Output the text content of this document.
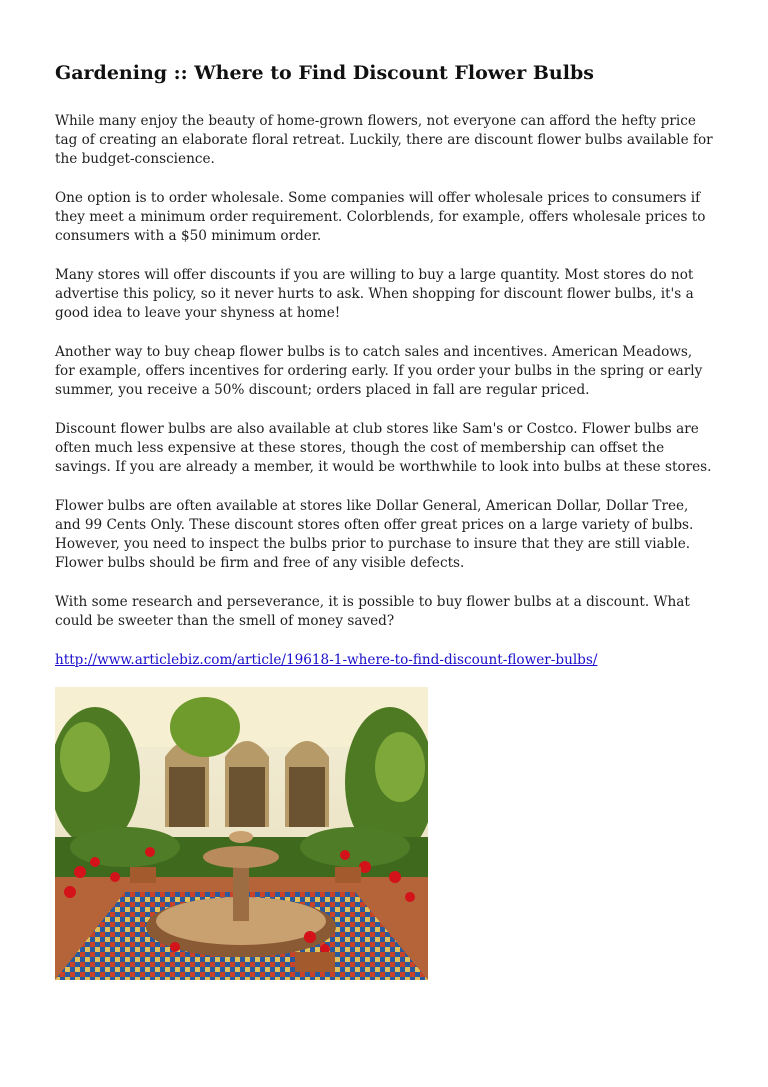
Gardening :: Where to Find Discount Flower Bulbs

While many enjoy the beauty of home-grown flowers, not everyone can afford the hefty price tag of creating an elaborate floral retreat. Luckily, there are discount flower bulbs available for the budget-conscience.

One option is to order wholesale. Some companies will offer wholesale prices to consumers if they meet a minimum order requirement. Colorblends, for example, offers wholesale prices to consumers with a $50 minimum order.

Many stores will offer discounts if you are willing to buy a large quantity. Most stores do not advertise this policy, so it never hurts to ask. When shopping for discount flower bulbs, it's a good idea to leave your shyness at home!

Another way to buy cheap flower bulbs is to catch sales and incentives. American Meadows, for example, offers incentives for ordering early. If you order your bulbs in the spring or early summer, you receive a 50% discount; orders placed in fall are regular priced.

Discount flower bulbs are also available at club stores like Sam's or Costco. Flower bulbs are often much less expensive at these stores, though the cost of membership can offset the savings. If you are already a member, it would be worthwhile to look into bulbs at these stores.

Flower bulbs are often available at stores like Dollar General, American Dollar, Dollar Tree, and 99 Cents Only. These discount stores often offer great prices on a large variety of bulbs. However, you need to inspect the bulbs prior to purchase to insure that they are still viable. Flower bulbs should be firm and free of any visible defects.

With some research and perseverance, it is possible to buy flower bulbs at a discount. What could be sweeter than the smell of money saved?

http://www.articlebiz.com/article/19618-1-where-to-find-discount-flower-bulbs/
